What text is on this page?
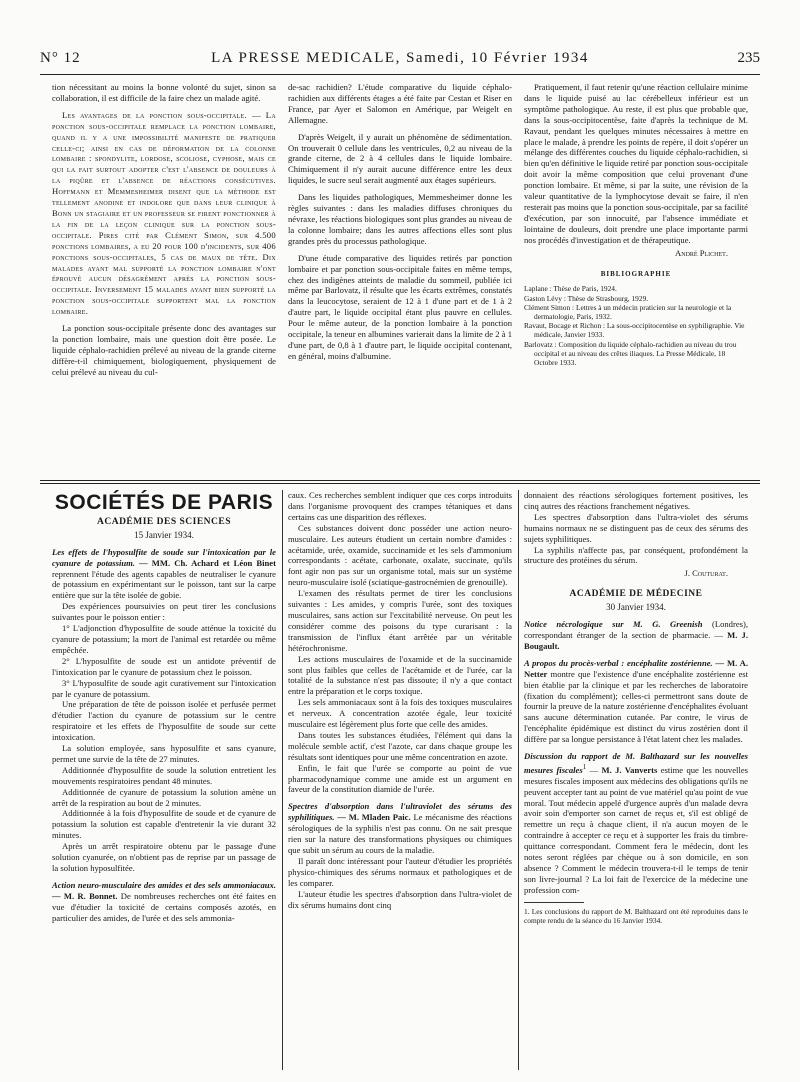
N° 12	LA PRESSE MEDICALE, Samedi, 10 Février 1934	235

tion nécessitant au moins la bonne volonté du sujet, sinon sa collaboration, il est difficile de la faire chez un malade agité.

Les avantages de la ponction sous-occipitale. — La ponction sous-occipitale remplace la ponction lombaire, quand il y a une impossibilité manifeste de pratiquer celle-ci; ainsi en cas de déformation de la colonne lombaire : spondylite, lordose, scoliose, cyphose, mais ce qui la fait surtout adopter c'est l'absence de douleurs à la piqûre et l'absence de réactions consécutives. Hoffmann et Memmesheimer disent que la méthode est tellement anodine et indolore que dans leur clinique à Bonn un stagiaire et un professeur se firent ponctionner à la fin de la leçon clinique sur la ponction sous-occipitale. Pires cité par Clément Simon, sur 4.500 ponctions lombaires, a eu 20 pour 100 d'incidents, sur 406 ponctions sous-occipitales, 5 cas de maux de tête. Dix malades ayant mal supporté la ponction lombaire n'ont éprouvé aucun désagrément après la ponction sous-occipitale. Inversement 15 malades ayant bien supporté la ponction sous-occipitale supportent mal la ponction lombaire.

La ponction sous-occipitale présente donc des avantages sur la ponction lombaire, mais une question doit être posée. Le liquide céphalo-rachidien prélevé au niveau de la grande citerne diffère-t-il chimiquement, biologiquement, physiquement de celui prélevé au niveau du cul-

de-sac rachidien? L'étude comparative du liquide céphalo-rachidien aux différents étages a été faite par Cestan et Riser en France, par Ayer et Salomon en Amérique, par Weigelt en Allemagne.

D'après Weigelt, il y aurait un phénomène de sédimentation. On trouverait 0 cellule dans les ventricules, 0,2 au niveau de la grande citerne, de 2 à 4 cellules dans le liquide lombaire. Chimiquement il n'y aurait aucune différence entre les deux liquides, le sucre seul serait augmenté aux étages supérieurs.

Dans les liquides pathologiques, Memmesheimer donne les règles suivantes : dans les maladies diffuses chroniques du névraxe, les réactions biologiques sont plus grandes au niveau de la colonne lombaire; dans les autres affections elles sont plus grandes près du processus pathologique.

D'une étude comparative des liquides retirés par ponction lombaire et par ponction sous-occipitale faites en même temps, chez des indigènes atteints de maladie du sommeil, publiée ici même par Barlovatz, il résulte que les écarts extrêmes, constatés dans la leucocytose, seraient de 12 à 1 d'une part et de 1 à 2 d'autre part, le liquide occipital étant plus pauvre en cellules. Pour le même auteur, de la ponction lombaire à la ponction occipitale, la teneur en albumines varierait dans la limite de 2 à 1 d'une part, de 0,8 à 1 d'autre part, le liquide occipital contenant, en général, moins d'albumine.

Pratiquement, il faut retenir qu'une réaction cellulaire minime dans le liquide puisé au lac cérébelleux inférieur est un symptôme pathologique. Au reste, il est plus que probable que, dans la sous-occipitocentèse, faite d'après la technique de M. Ravaut, pendant les quelques minutes nécessaires à mettre en place le malade, à prendre les points de repère, il doit s'opérer un mélange des différentes couches du liquide céphalo-rachidien, si bien qu'en définitive le liquide retiré par ponction sous-occipitale doit avoir la même composition que celui provenant d'une ponction lombaire. Et même, si par la suite, une révision de la valeur quantitative de la lymphocytose devait se faire, il n'en resterait pas moins que la ponction sous-occipitale, par sa facilité d'exécution, par son innocuité, par l'absence immédiate et lointaine de douleurs, doit prendre une place importante parmi nos procédés d'investigation et de thérapeutique.

André Plichet.

BIBLIOGRAPHIE

Laplane : Thèse de Paris, 1924.

Gaston Lévy : Thèse de Strasbourg, 1929.

Clément Simon : Lettres à un médecin praticien sur la neurologie et la dermatologie, Paris, 1932.

Ravaut, Bocage et Richon : La sous-occipitocentèse en syphiligraphie. Vie médicale, Janvier 1933.

Barlovatz : Composition du liquide céphalo-rachidien au niveau du trou occipital et au niveau des crêtes iliaques. La Presse Médicale, 18 Octobre 1933.

SOCIÉTÉS DE PARIS
ACADÉMIE DES SCIENCES
15 Janvier 1934.

Les effets de l'hyposulfite de soude sur l'intoxication par le cyanure de potassium. — MM. Ch. Achard et Léon Binet reprennent l'étude des agents capables de neutraliser le cyanure de potassium en expérimentant sur le poisson, tant sur la carpe entière que sur la tête isolée de gobie.

Des expériences poursuivies on peut tirer les conclusions suivantes pour le poisson entier :

1° L'adjonction d'hyposulfite de soude atténue la toxicité du cyanure de potassium; la mort de l'animal est retardée ou même empêchée.

2° L'hyposulfite de soude est un antidote préventif de l'intoxication par le cyanure de potassium chez le poisson.

3° L'hyposulfite de soude agit curativement sur l'intoxication par le cyanure de potassium.

Une préparation de tête de poisson isolée et perfusée permet d'étudier l'action du cyanure de potassium sur le centre respiratoire et les effets de l'hyposulfite de soude sur cette intoxication.

La solution employée, sans hyposulfite et sans cyanure, permet une survie de la tête de 27 minutes.

Additionnée d'hyposulfite de soude la solution entretient les mouvements respiratoires pendant 48 minutes.

Additionnée de cyanure de potassium la solution amène un arrêt de la respiration au bout de 2 minutes.

Additionnée à la fois d'hyposulfite de soude et de cyanure de potassium la solution est capable d'entretenir la vie durant 32 minutes.

Après un arrêt respiratoire obtenu par le passage d'une solution cyanurée, on n'obtient pas de reprise par un passage de la solution hyposulfitée.

Action neuro-musculaire des amides et des sels ammoniacaux. — M. R. Bonnet. De nombreuses recherches ont été faites en vue d'étudier la toxicité de certains composés azotés, en particulier des amides, de l'urée et des sels ammonia-

caux. Ces recherches semblent indiquer que ces corps introduits dans l'organisme provoquent des crampes tétaniques et dans certains cas une disparition des réflexes.

Ces substances doivent donc posséder une action neuro-musculaire. Les auteurs étudient un certain nombre d'amides : acétamide, urée, oxamide, succinamide et les sels d'ammonium correspondants : acétate, carbonate, oxalate, succinate, qu'ils font agir non pas sur un organisme total, mais sur un système neuro-musculaire isolé (sciatique-gastrocnémien de grenouille).

L'examen des résultats permet de tirer les conclusions suivantes : Les amides, y compris l'urée, sont des toxiques musculaires, sans action sur l'excitabilité nerveuse. On peut les considérer comme des poisons du type curarisant : la transmission de l'influx étant arrêtée par un véritable hétérochronisme.

Les actions musculaires de l'oxamide et de la succinamide sont plus faibles que celles de l'acétamide et de l'urée, car la totalité de la substance n'est pas dissoute; il n'y a que contact entre la préparation et le corps toxique.

Les sels ammoniacaux sont à la fois des toxiques musculaires et nerveux. A concentration azotée égale, leur toxicité musculaire est légèrement plus forte que celle des amides.

Dans toutes les substances étudiées, l'élément qui dans la molécule semble actif, c'est l'azote, car dans chaque groupe les résultats sont identiques pour une même concentration en azote.

Enfin, le fait que l'urée se comporte au point de vue pharmacodynamique comme une amide est un argument en faveur de la constitution diamide de l'urée.

Spectres d'absorption dans l'ultraviolet des sérums des syphilitiques. — M. Mladen Paic. Le mécanisme des réactions sérologiques de la syphilis n'est pas connu. On ne sait presque rien sur la nature des transformations physiques ou chimiques que subit un sérum au cours de la maladie.

Il paraît donc intéressant pour l'auteur d'étudier les propriétés physico-chimiques des sérums normaux et pathologiques et de les comparer.

L'auteur étudie les spectres d'absorption dans l'ultra-violet de dix sérums humains dont cinq

donnaient des réactions sérologiques fortement positives, les cinq autres des réactions franchement négatives.

Les spectres d'absorption dans l'ultra-violet des sérums humains normaux ne se distinguent pas de ceux des sérums des sujets syphilitiques.

La syphilis n'affecte pas, par conséquent, profondément la structure des protéines du sérum.

J. Couturat.

ACADÉMIE DE MÉDECINE
30 Janvier 1934.

Notice nécrologique sur M. G. Greenish (Londres), correspondant étranger de la section de pharmacie. — M. J. Bougault.

A propos du procès-verbal : encéphalite zostérienne. — M. A. Netter montre que l'existence d'une encéphalite zostérienne est bien établie par la clinique et par les recherches de laboratoire (fixation du complément); celles-ci permettront sans doute de fournir la preuve de la nature zostérienne d'encéphalites évoluant sans aucune détermination cutanée. Par contre, le virus de l'encéphalite épidémique est distinct du virus zostérien dont il diffère par sa longue persistance à l'état latent chez les malades.

Discussion du rapport de M. Balthazard sur les nouvelles mesures fiscales$^1$ — M. J. Vanverts estime que les nouvelles mesures fiscales imposent aux médecins des obligations qu'ils ne peuvent accepter tant au point de vue matériel qu'au point de vue moral. Tout médecin appelé d'urgence auprès d'un malade devra avoir soin d'emporter son carnet de reçus et, s'il est obligé de remettre un reçu à chaque client, il n'a aucun moyen de le contraindre à accepter ce reçu et à supporter les frais du timbre-quittance correspondant. Comment fera le médecin, dont les notes seront réglées par chèque ou à son domicile, en son absence ? Comment le médecin trouvera-t-il le temps de tenir son livre-journal ? La loi fait de l'exercice de la médecine une profession com-

1. Les conclusions du rapport de M. Balthazard ont été reproduites dans le compte rendu de la séance du 16 Janvier 1934.
